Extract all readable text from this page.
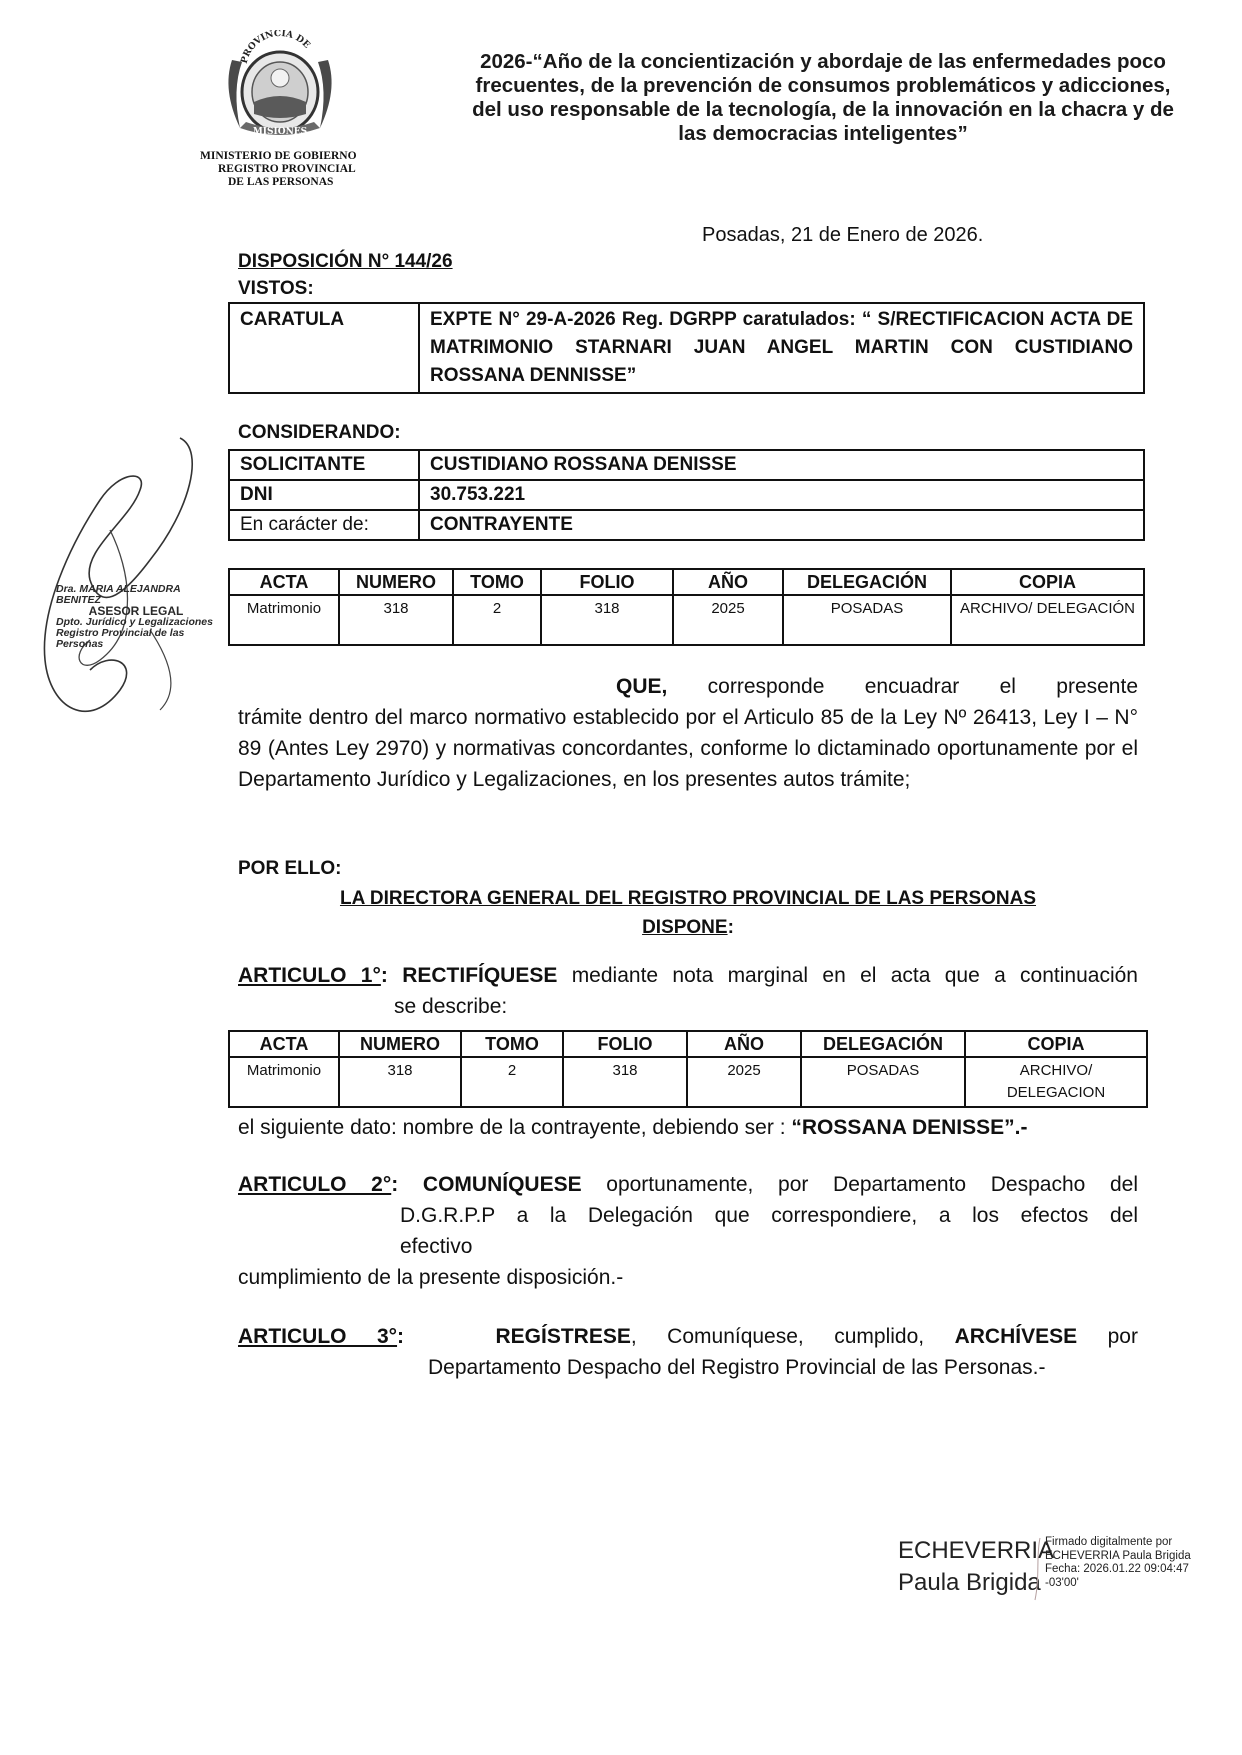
PROVINCIA DE
MISIONES
MINISTERIO DE GOBIERNO
REGISTRO PROVINCIAL
DE LAS PERSONAS
2026-“Año de la concientización y abordaje de las enfermedades poco
frecuentes, de la prevención de consumos problemáticos y adicciones,
del uso responsable de la tecnología, de la innovación en la chacra y de
las democracias inteligentes”
Posadas, 21 de Enero de 2026.
DISPOSICIÓN N° 144/26
VISTOS:
CARATULA	EXPTE N° 29-A-2026 Reg. DGRPP caratulados: “ S/RECTIFICACION ACTA DE MATRIMONIO STARNARI JUAN ANGEL MARTIN CON CUSTIDIANO ROSSANA DENNISSE”
CONSIDERANDO:
SOLICITANTE	CUSTIDIANO ROSSANA DENISSE
DNI	30.753.221
En carácter de:	CONTRAYENTE
ACTA	NUMERO	TOMO	FOLIO	AÑO	DELEGACIÓN	COPIA
Matrimonio	318	2	318	2025	POSADAS	ARCHIVO/ DELEGACIÓN
QUE, corresponde encuadrar el presente
trámite dentro del marco normativo establecido por el Articulo 85 de la Ley Nº 26413, Ley I – N° 89 (Antes Ley 2970) y normativas concordantes, conforme lo dictaminado oportunamente por el Departamento Jurídico y Legalizaciones, en los presentes autos trámite;
POR ELLO:
LA DIRECTORA GENERAL DEL REGISTRO PROVINCIAL DE LAS PERSONAS
DISPONE:
ARTICULO 1°: RECTIFÍQUESE mediante nota marginal en el acta que a continuación
se describe:
ACTA	NUMERO	TOMO	FOLIO	AÑO	DELEGACIÓN	COPIA
Matrimonio	318	2	318	2025	POSADAS	ARCHIVO/ DELEGACION
el siguiente dato: nombre de la contrayente, debiendo ser : “ROSSANA DENISSE”.-
ARTICULO 2°: COMUNÍQUESE oportunamente, por Departamento Despacho del
D.G.R.P.P a la Delegación que correspondiere, a los efectos del
efectivo
cumplimiento de la presente disposición.-
ARTICULO 3°:	REGÍSTRESE, Comuníquese, cumplido, ARCHÍVESE por
Departamento Despacho del Registro Provincial de las Personas.-
Dra. MARIA ALEJANDRA BENITEZ
ASESOR LEGAL
Dpto. Jurídico y Legalizaciones
Registro Provincial de las Personas
ECHEVERRIA
Paula Brigida
Firmado digitalmente por
ECHEVERRIA Paula Brigida
Fecha: 2026.01.22 09:04:47
-03'00'
